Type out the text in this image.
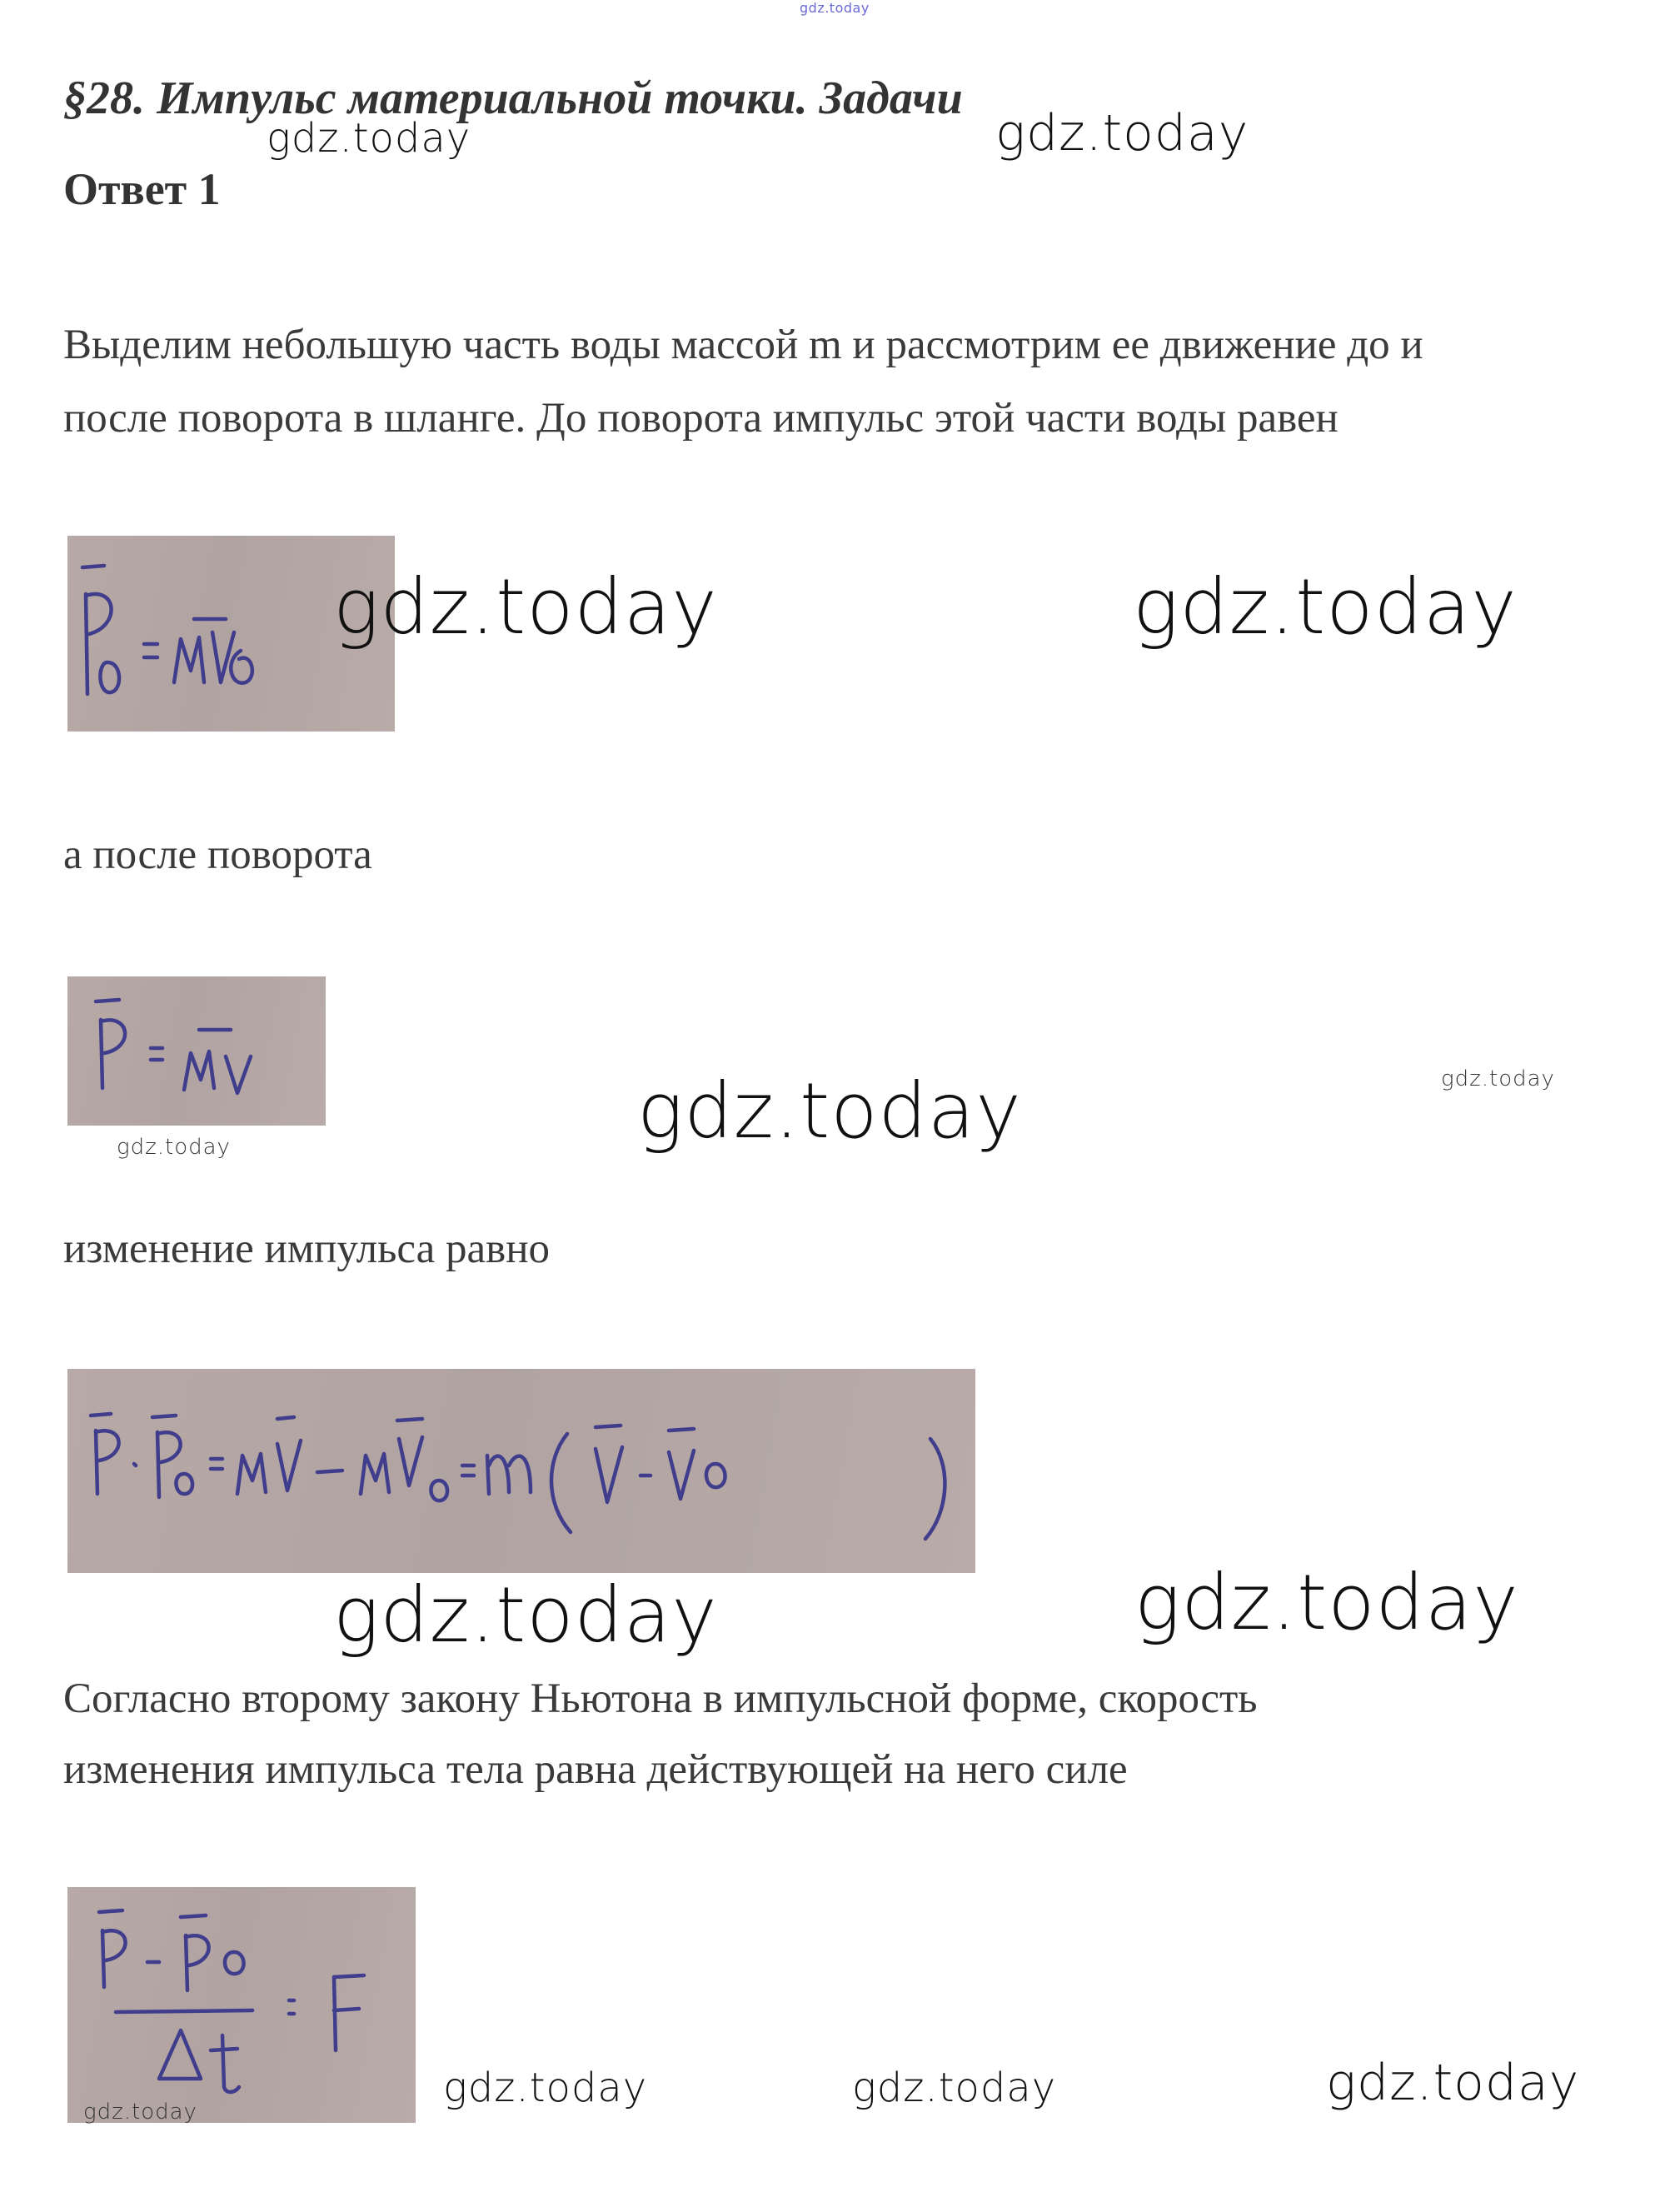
gdz.today
§28. Импульс материальной точки. Задачи
gdz.today	gdz.today
Ответ 1
Выделим небольшую часть воды массой m и рассмотрим ее движение до и
после поворота в шланге. До поворота импульс этой части воды равен
gdz.today	gdz.today
а после поворота
gdz.today	gdz.today	gdz.today
изменение импульса равно
gdz.today	gdz.today
Согласно второму закону Ньютона в импульсной форме, скорость
изменения импульса тела равна действующей на него силе
gdz.today
gdz.today	gdz.today	gdz.today
